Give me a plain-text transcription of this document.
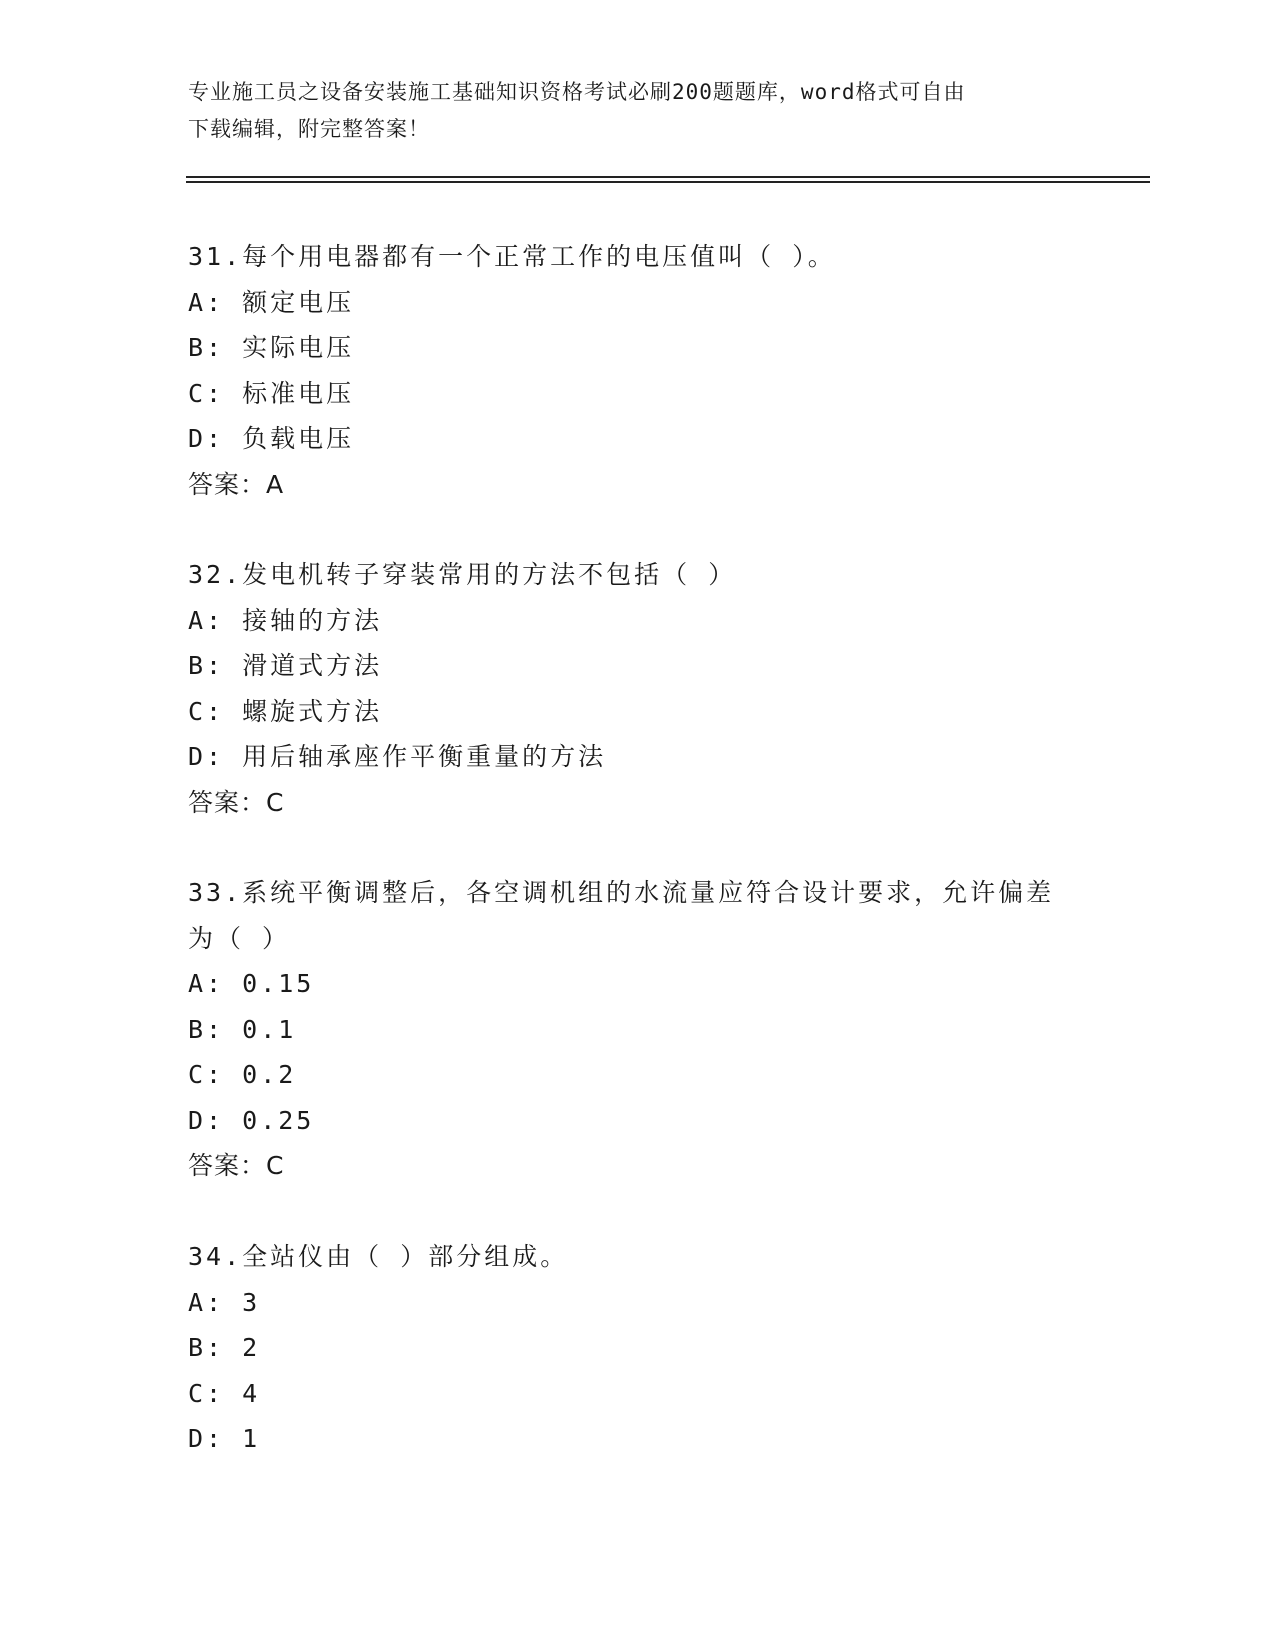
专业施工员之设备安装施工基础知识资格考试必刷200题题库，word格式可自由
下载编辑，附完整答案！
31.每个用电器都有一个正常工作的电压值叫（ ）。
A: 额定电压
B: 实际电压
C: 标准电压
D: 负载电压
答案：A
32.发电机转子穿装常用的方法不包括（ ）
A: 接轴的方法
B: 滑道式方法
C: 螺旋式方法
D: 用后轴承座作平衡重量的方法
答案：C
33.系统平衡调整后，各空调机组的水流量应符合设计要求，允许偏差
为（ ）
A: 0.15
B: 0.1
C: 0.2
D: 0.25
答案：C
34.全站仪由（ ）部分组成。
A: 3
B: 2
C: 4
D: 1
